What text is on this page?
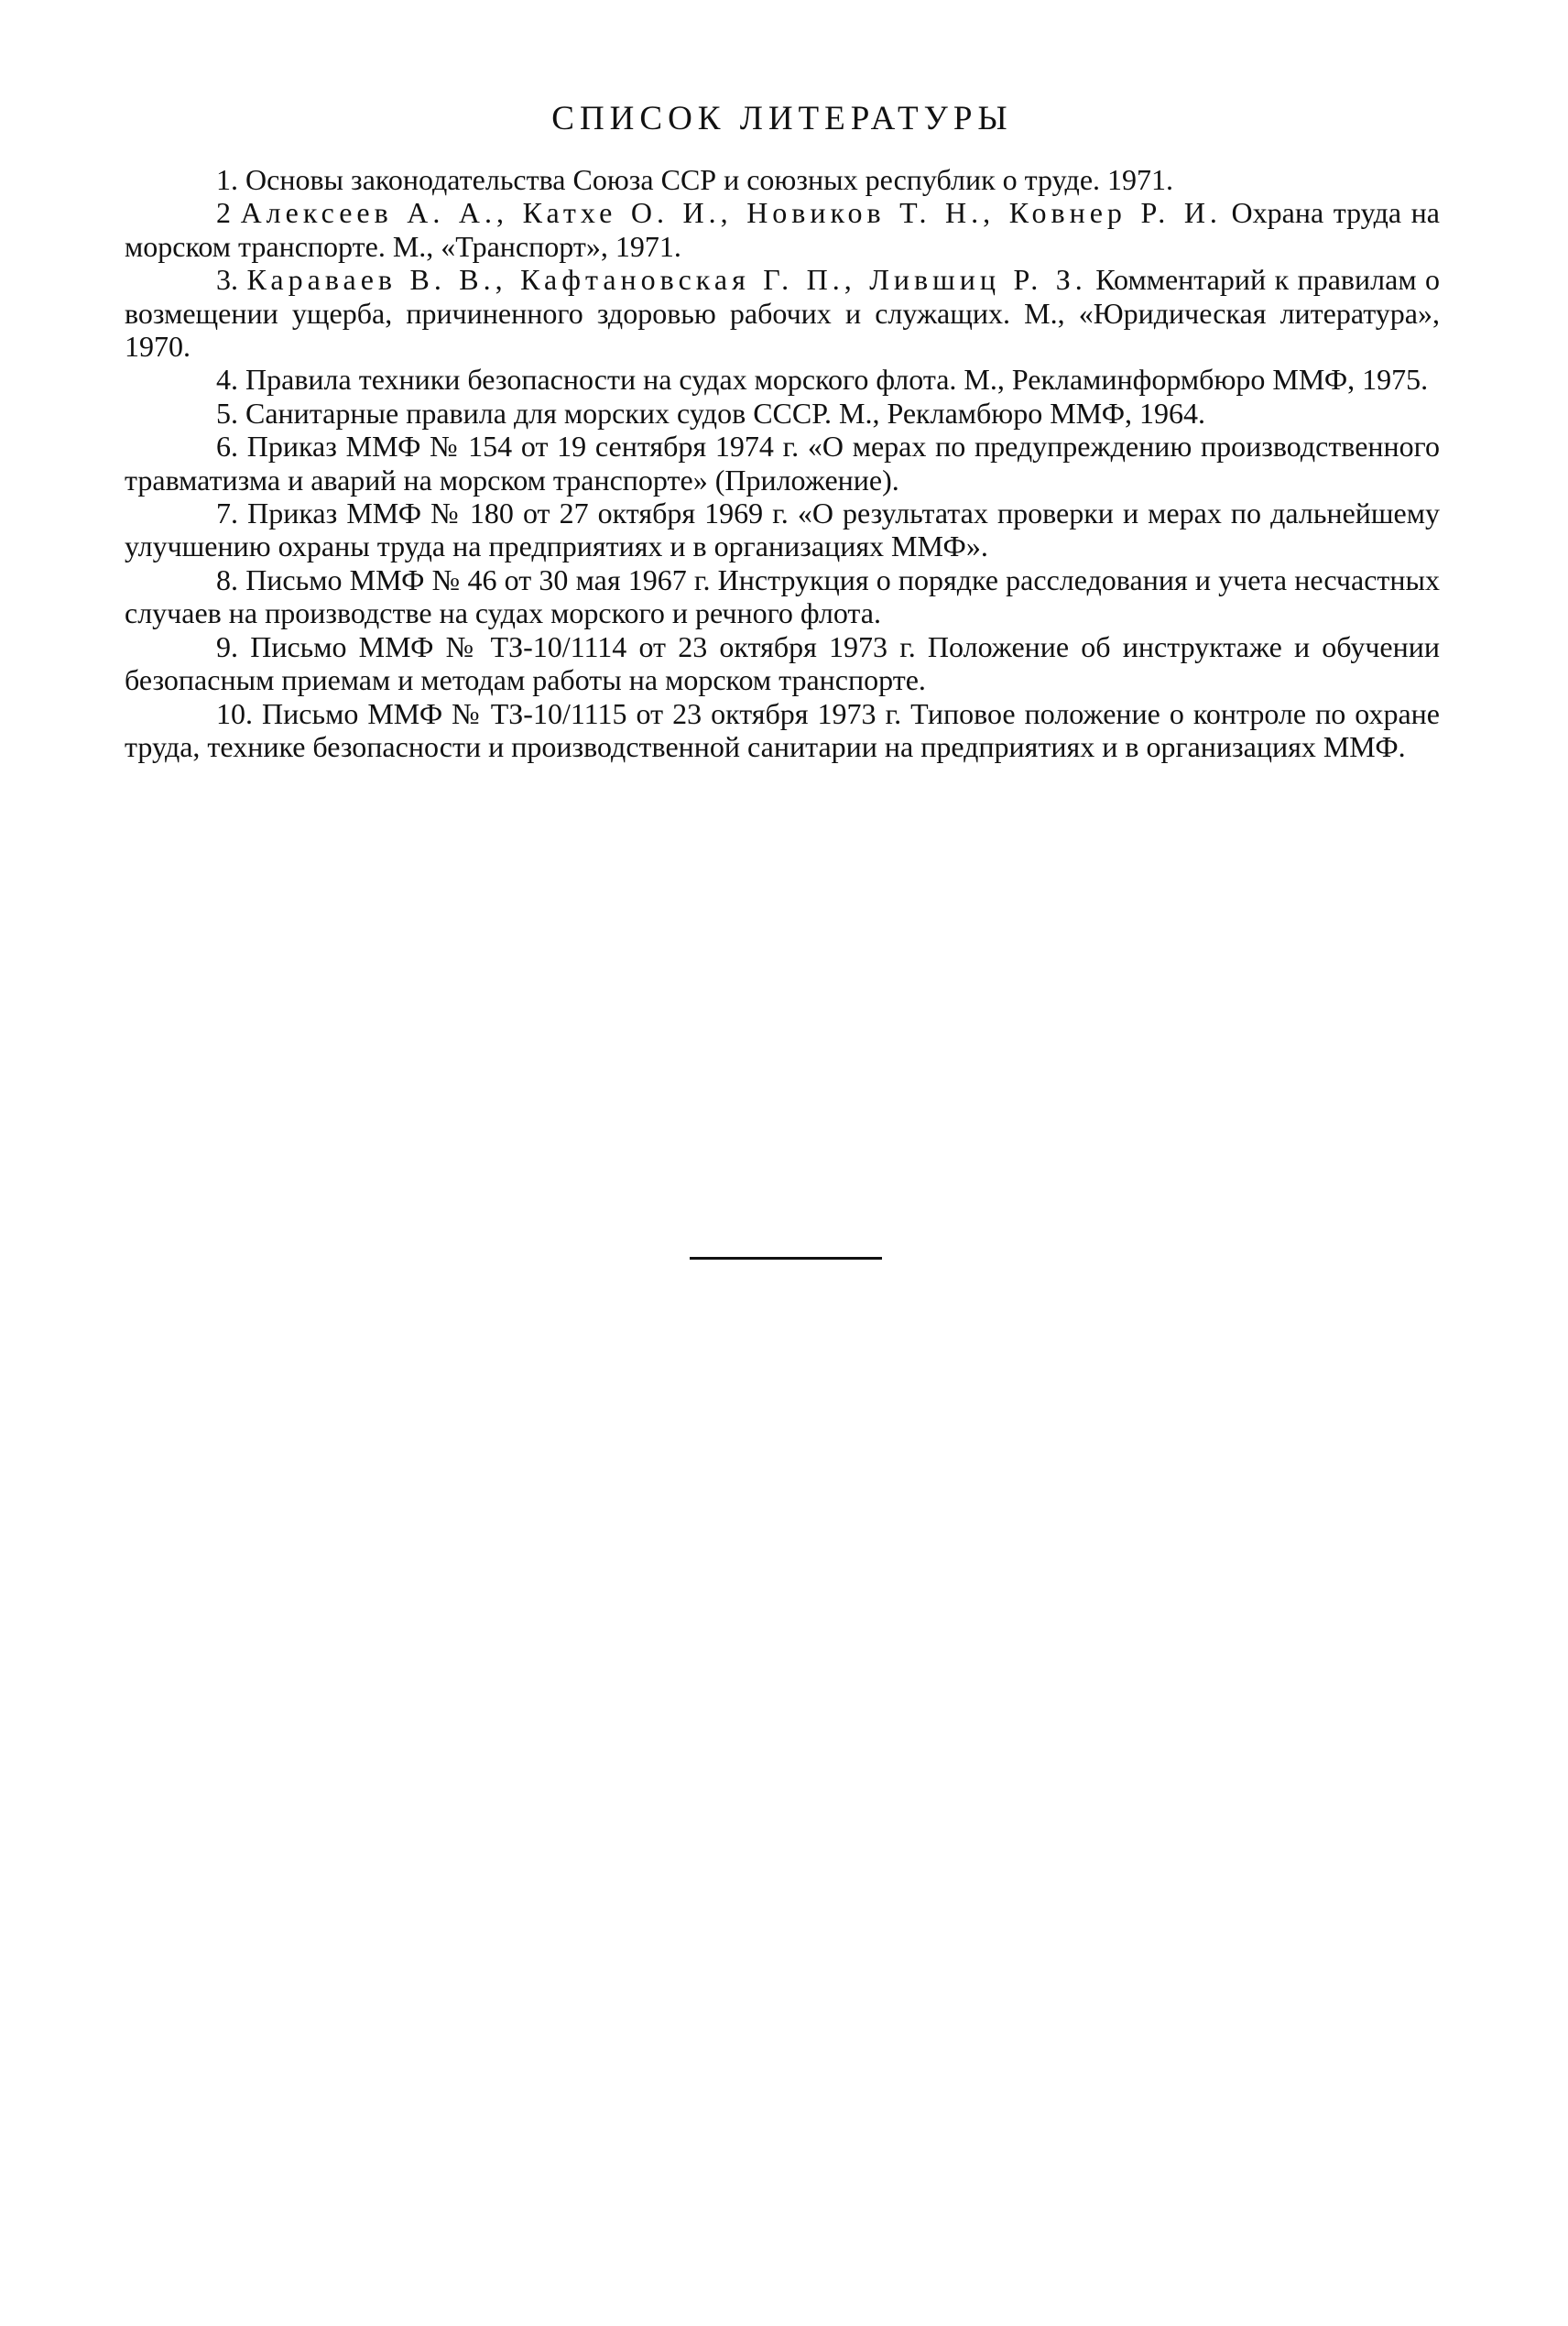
СПИСОК ЛИТЕРАТУРЫ
1. Основы законодательства Союза ССР и союзных республик о труде. 1971.
2 Алексеев А. А., Катхе О. И., Новиков Т. Н., Ковнер Р. И. Охрана труда на морском транспорте. М., «Транспорт», 1971.
3. Караваев В. В., Кафтановская Г. П., Лившиц Р. З. Комментарий к правилам о возмещении ущерба, причиненного здоровью рабочих и служащих. М., «Юридическая литература», 1970.
4. Правила техники безопасности на судах морского флота. М., Рекламинформбюро ММФ, 1975.
5. Санитарные правила для морских судов СССР. М., Рекламбюро ММФ, 1964.
6. Приказ ММФ № 154 от 19 сентября 1974 г. «О мерах по предупреждению производственного травматизма и аварий на морском транспорте» (Приложение).
7. Приказ ММФ № 180 от 27 октября 1969 г. «О результатах проверки и мерах по дальнейшему улучшению охраны труда на предприятиях и в организациях ММФ».
8. Письмо ММФ № 46 от 30 мая 1967 г. Инструкция о порядке расследования и учета несчастных случаев на производстве на судах морского и речного флота.
9. Письмо ММФ № ТЗ-10/1114 от 23 октября 1973 г. Положение об инструктаже и обучении безопасным приемам и методам работы на морском транспорте.
10. Письмо ММФ № ТЗ-10/1115 от 23 октября 1973 г. Типовое положение о контроле по охране труда, технике безопасности и производственной санитарии на предприятиях и в организациях ММФ.
